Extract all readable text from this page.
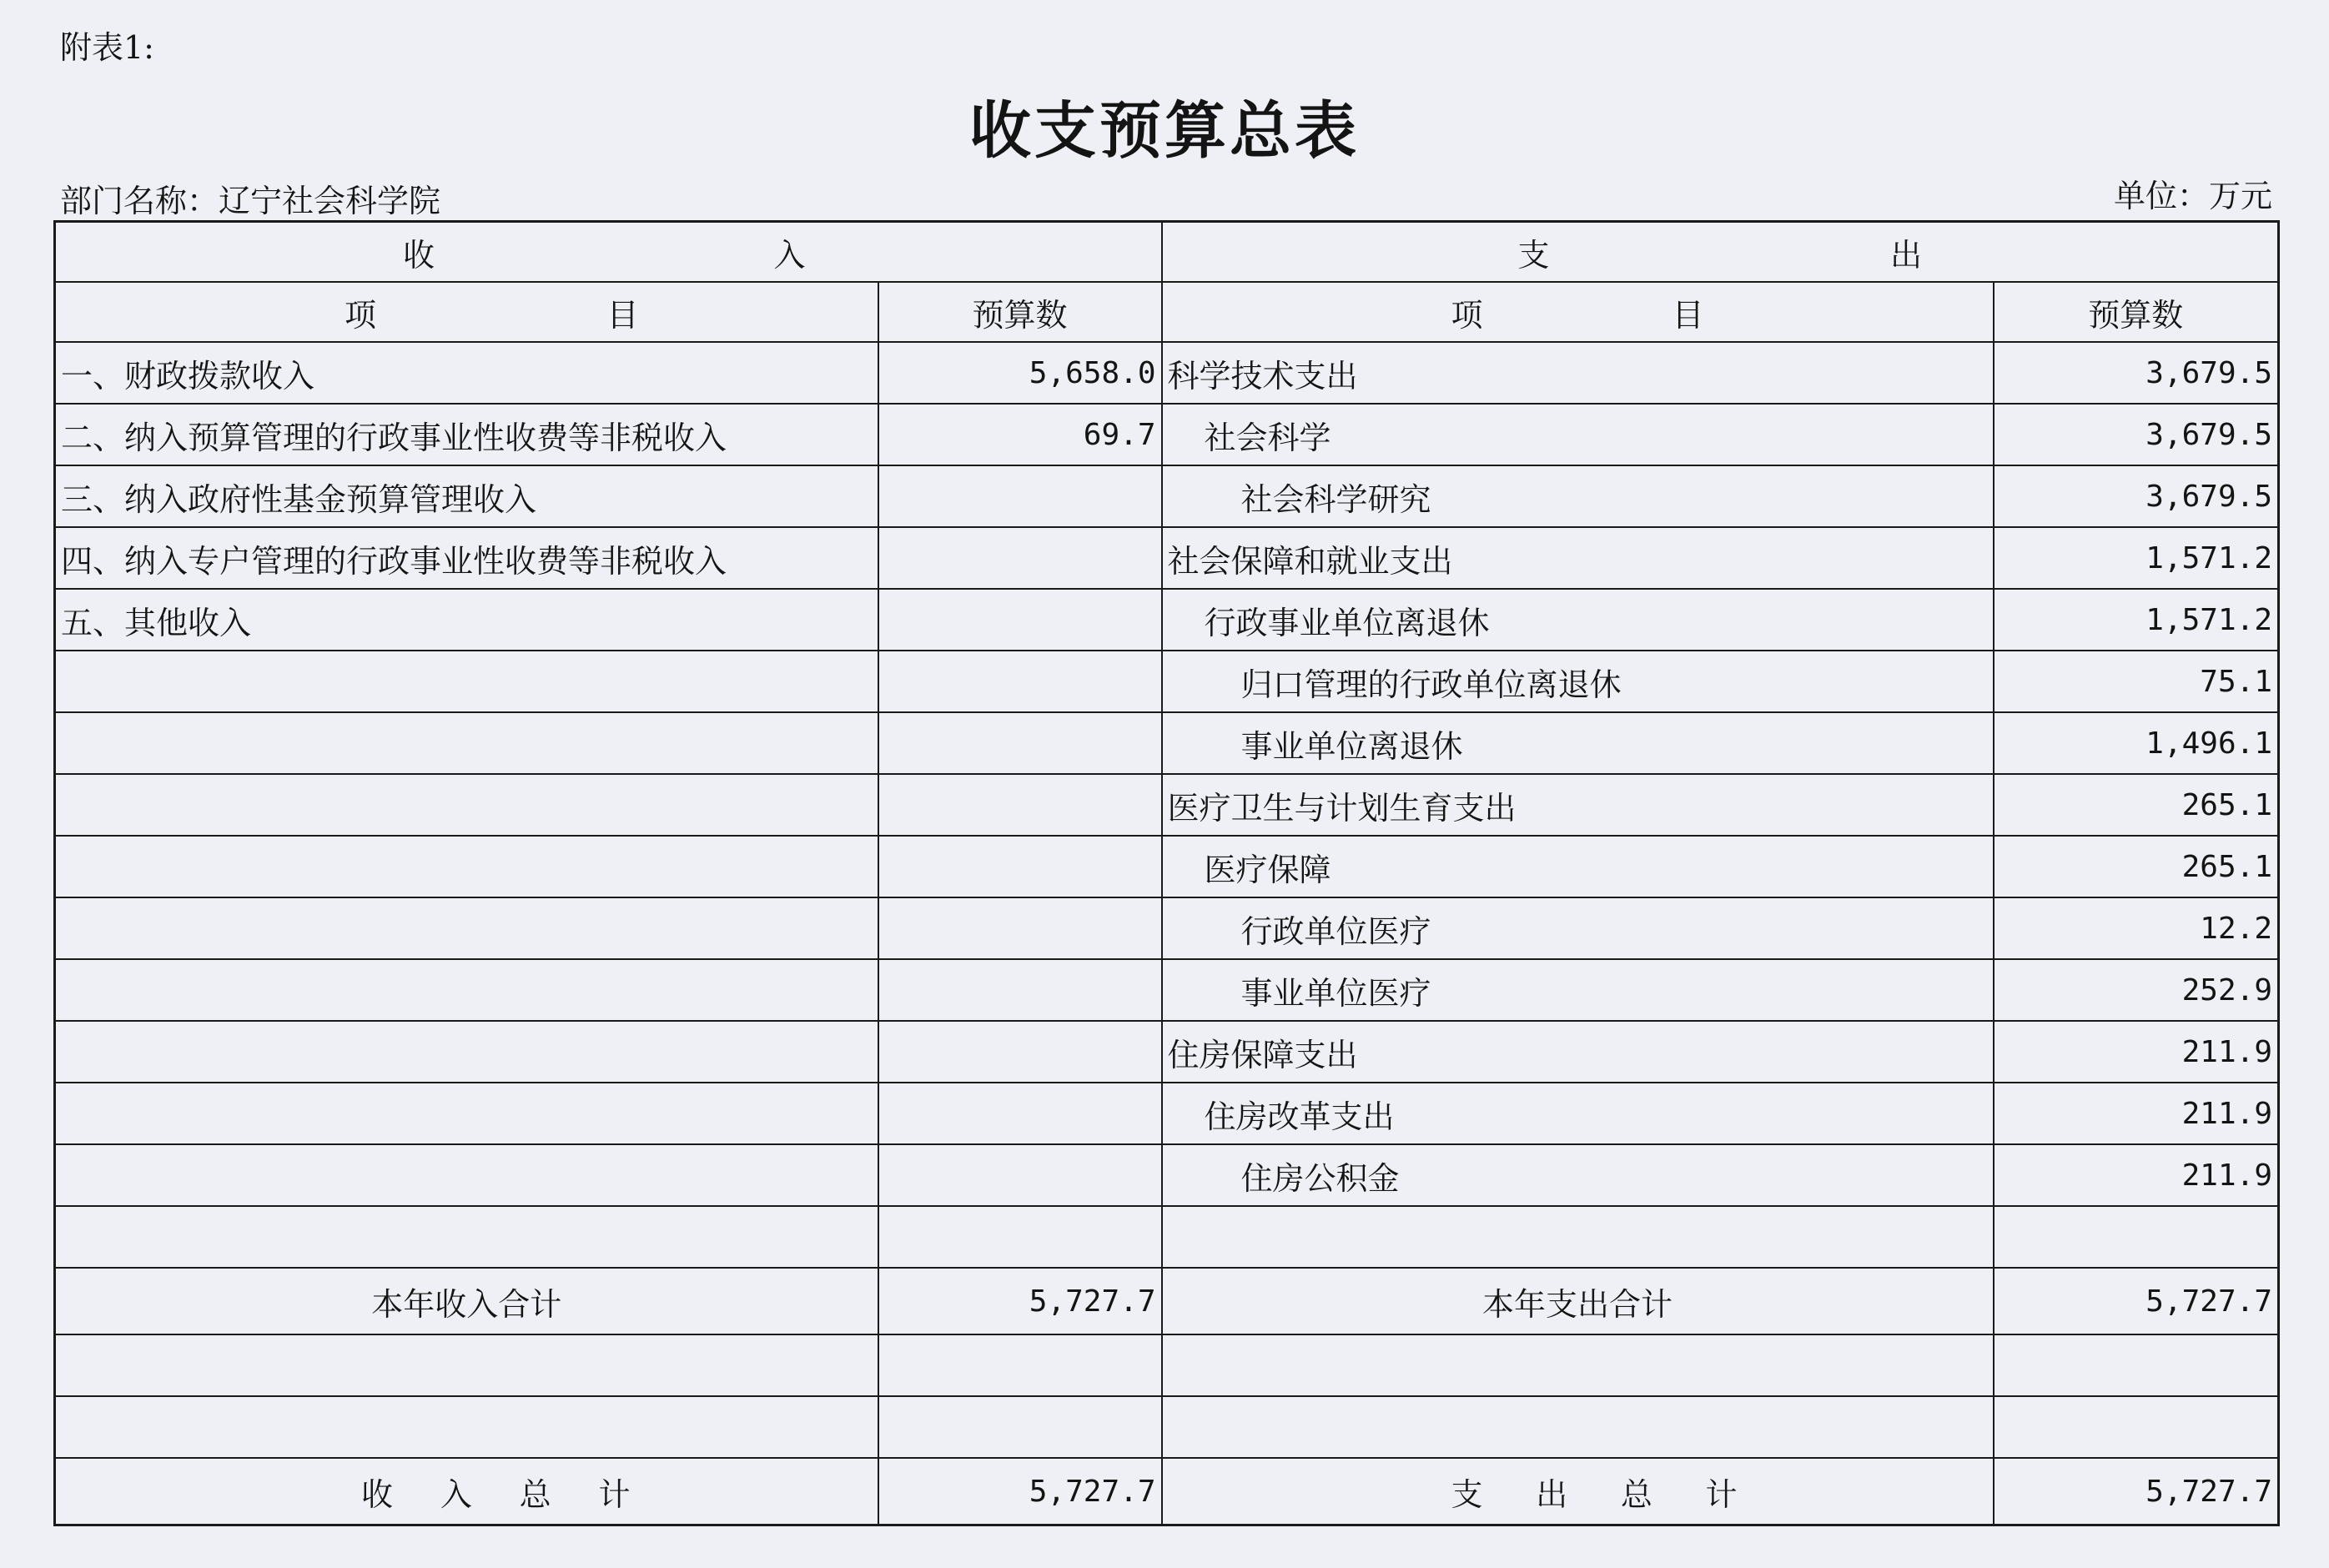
附表1:
收支预算总表
部门名称：辽宁社会科学院	单位：万元
收 入		支 出	

项 目	预算数	项 目	预算数
一、财政拨款收入	5,658.0	科学技术支出	3,679.5
二、纳入预算管理的行政事业性收费等非税收入	69.7	社会科学	3,679.5
三、纳入政府性基金预算管理收入		社会科学研究	3,679.5
四、纳入专户管理的行政事业性收费等非税收入		社会保障和就业支出	1,571.2
五、其他收入		行政事业单位离退休	1,571.2
		归口管理的行政单位离退休	75.1
		事业单位离退休	1,496.1
		医疗卫生与计划生育支出	265.1
		医疗保障	265.1
		行政单位医疗	12.2
		事业单位医疗	252.9
		住房保障支出	211.9
		住房改革支出	211.9
		住房公积金	211.9

本年收入合计	5,727.7	本年支出合计	5,727.7

收 入 总 计	5,727.7	支 出 总 计	5,727.7
